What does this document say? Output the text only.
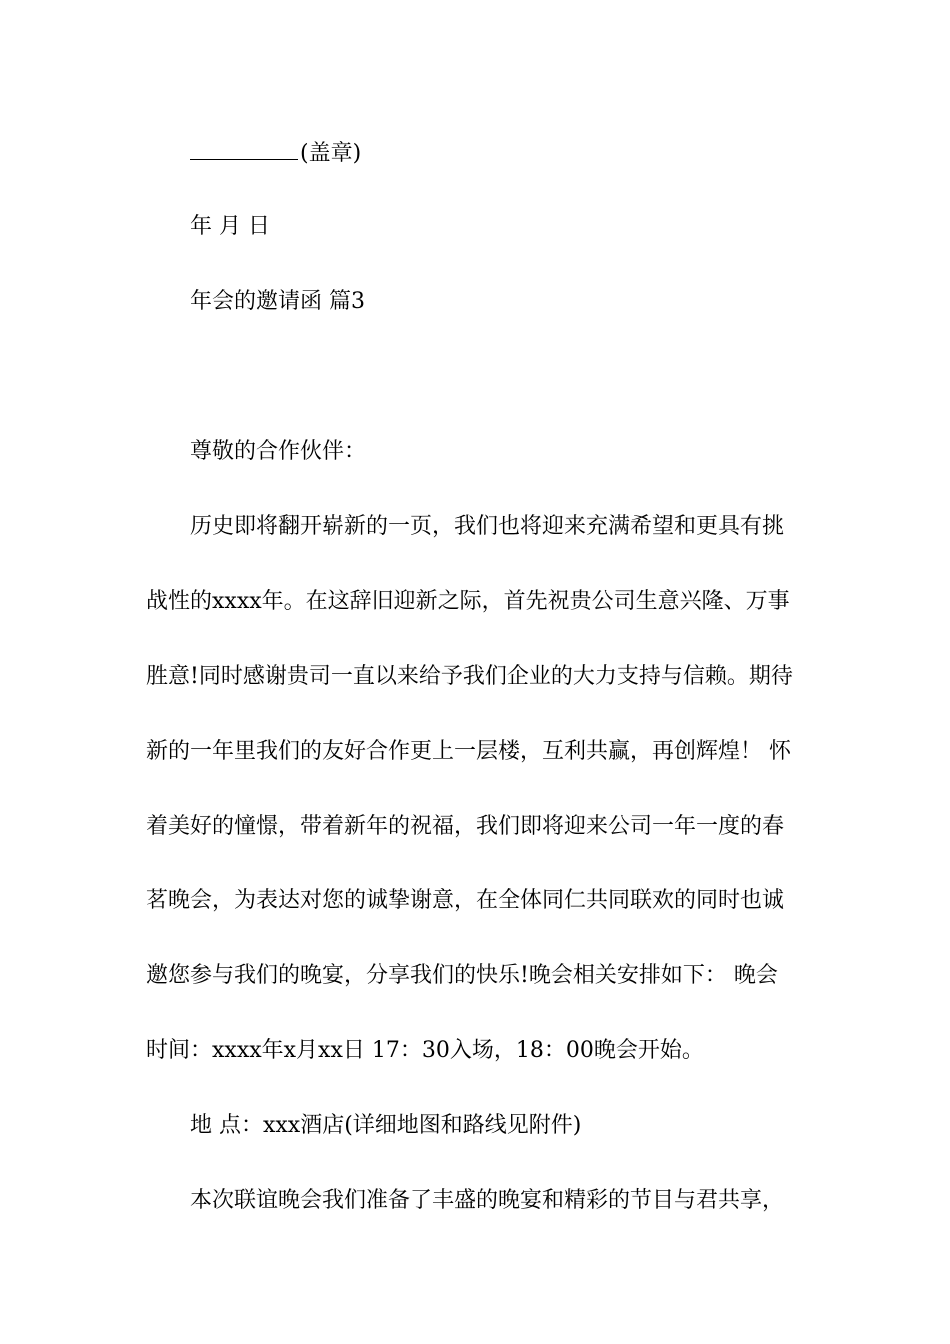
(盖章)
年 月 日
年会的邀请函 篇3
尊敬的合作伙伴：
历史即将翻开崭新的一页，我们也将迎来充满希望和更具有挑
战性的xxxx年。在这辞旧迎新之际，首先祝贵公司生意兴隆、万事
胜意!同时感谢贵司一直以来给予我们企业的大力支持与信赖。期待
新的一年里我们的友好合作更上一层楼，互利共赢，再创辉煌！ 怀
着美好的憧憬，带着新年的祝福，我们即将迎来公司一年一度的春
茗晚会，为表达对您的诚挚谢意，在全体同仁共同联欢的同时也诚
邀您参与我们的晚宴，分享我们的快乐!晚会相关安排如下： 晚会
时间：xxxx年x月xx日 17：30入场，18：00晚会开始。
地 点：xxx酒店(详细地图和路线见附件)
本次联谊晚会我们准备了丰盛的晚宴和精彩的节目与君共享，
